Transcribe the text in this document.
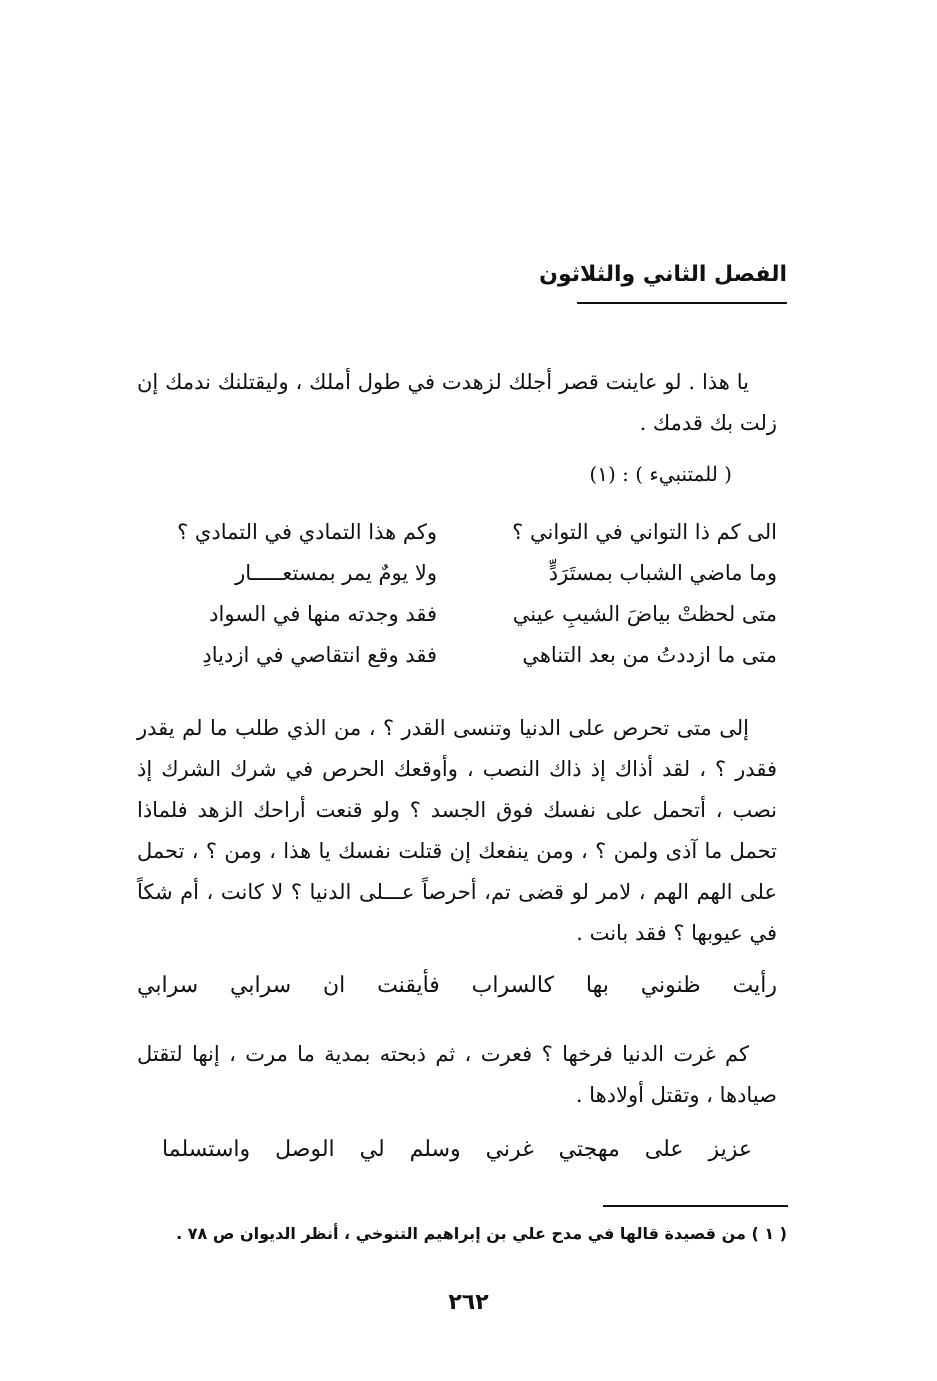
الفصل الثاني والثلاثون

يا هذا . لو عاينت قصر أجلك لزهدت في طول أملك ، وليقتلنك ندمك إن زلت بك قدمك .

( للمتنبيء ) : (١)

الى كم ذا التواني في التواني ؟
وكم هذا التمادي في التمادي ؟
وما ماضي الشباب بمستَرَدٍّ
ولا يومٌ يمر بمستعـــــار
متى لحظتْ بياضَ الشيبِ عيني
فقد وجدته منها في السواد
متى ما ازددتُ من بعد التناهي
فقد وقع انتقاصي في ازديادِ

إلى متى تحرص على الدنيا وتنسى القدر ؟ ، من الذي طلب ما لم يقدر فقدر ؟ ، لقد أذاك إذ ذاك النصب ، وأوقعك الحرص في شرك الشرك إذ نصب ، أتحمل على نفسك فوق الجسد ؟ ولو قنعت أراحك الزهد فلماذا تحمل ما آذى ولمن ؟ ، ومن ينفعك إن قتلت نفسك يا هذا ، ومن ؟ ، تحمل على الهم الهم ، لامر لو قضى تم، أحرصاً عـــلى الدنيا ؟ لا كانت ، أم شكاً في عيوبها ؟ فقد بانت .

رأيت
ظنوني
بها
كالسراب
فأيقنت
ان
سرابي
سرابي

كم غرت الدنيا فرخها ؟ فعرت ، ثم ذبحته بمدية ما مرت ، إنها لتقتل صيادها ، وتقتل أولادها .

عزيز
على
مهجتي
غرني
وسلم
لي
الوصل
واستسلما

( ١ ) من قصيدة قالها في مدح علي بن إبراهيم التنوخي ، أنظر الديوان ص ٧٨ .

٢٦٢
